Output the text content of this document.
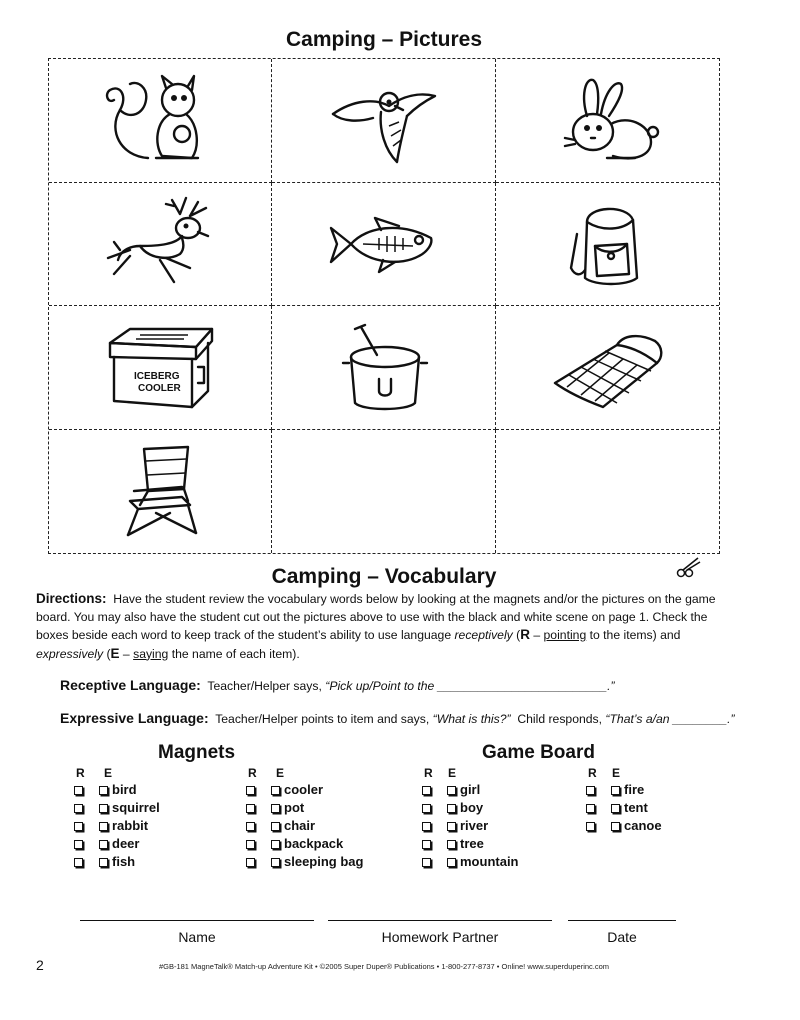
Camping – Pictures
ICEBERG
COOLER
Camping – Vocabulary
Directions: Have the student review the vocabulary words below by looking at the magnets and/or the pictures on the game board. You may also have the student cut out the pictures above to use with the black and white scene on page 1. Check the boxes beside each word to keep track of the student’s ability to use language receptively (R – pointing to the items) and expressively (E – saying the name of each item).
Receptive Language: Teacher/Helper says, “Pick up/Point to the _________________________.”
Expressive Language: Teacher/Helper points to item and says, “What is this?” Child responds, “That’s a/an ________.”
Magnets
R E	R E
bird
squirrel
rabbit
deer
fish
cooler
pot
chair
backpack
sleeping bag
Game Board
R E	R E
girl
boy
river
tree
mountain
fire
tent
canoe
Name	Homework Partner	Date
2	#GB-181 MagneTalk® Match-up Adventure Kit • ©2005 Super Duper® Publications • 1-800-277-8737 • Online! www.superduperinc.com
